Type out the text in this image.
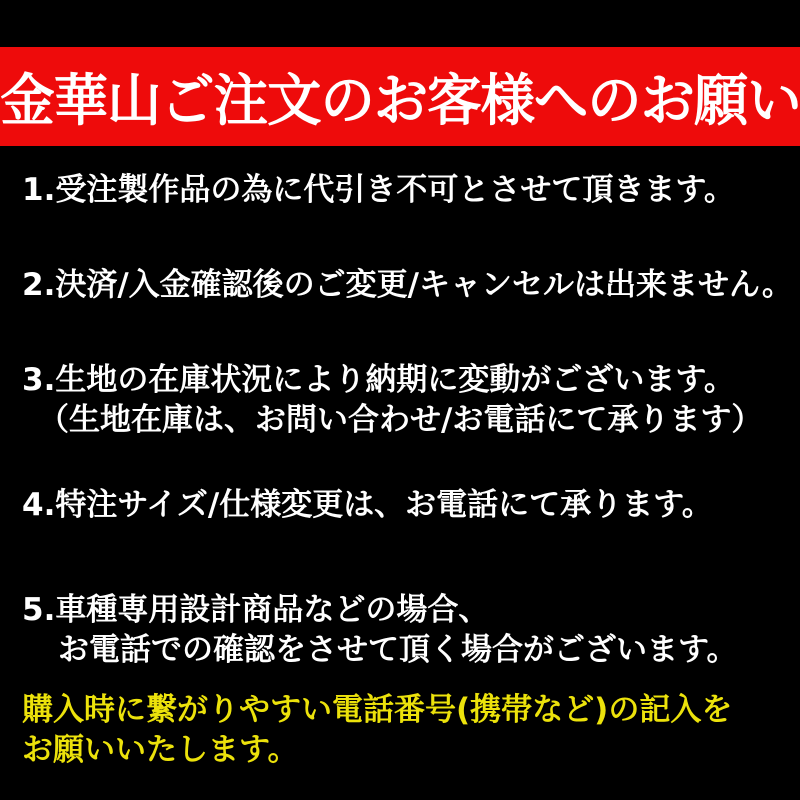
金華山ご注文のお客様へのお願い
1.受注製作品の為に代引き不可とさせて頂きます。
2.決済/入金確認後のご変更/キャンセルは出来ません。
3.生地の在庫状況により納期に変動がございます。
（生地在庫は、お問い合わせ/お電話にて承ります）
4.特注サイズ/仕様変更は、お電話にて承ります。
5.車種専用設計商品などの場合、
お電話での確認をさせて頂く場合がございます。
購入時に繋がりやすい電話番号(携帯など)の記入を
お願いいたします。
